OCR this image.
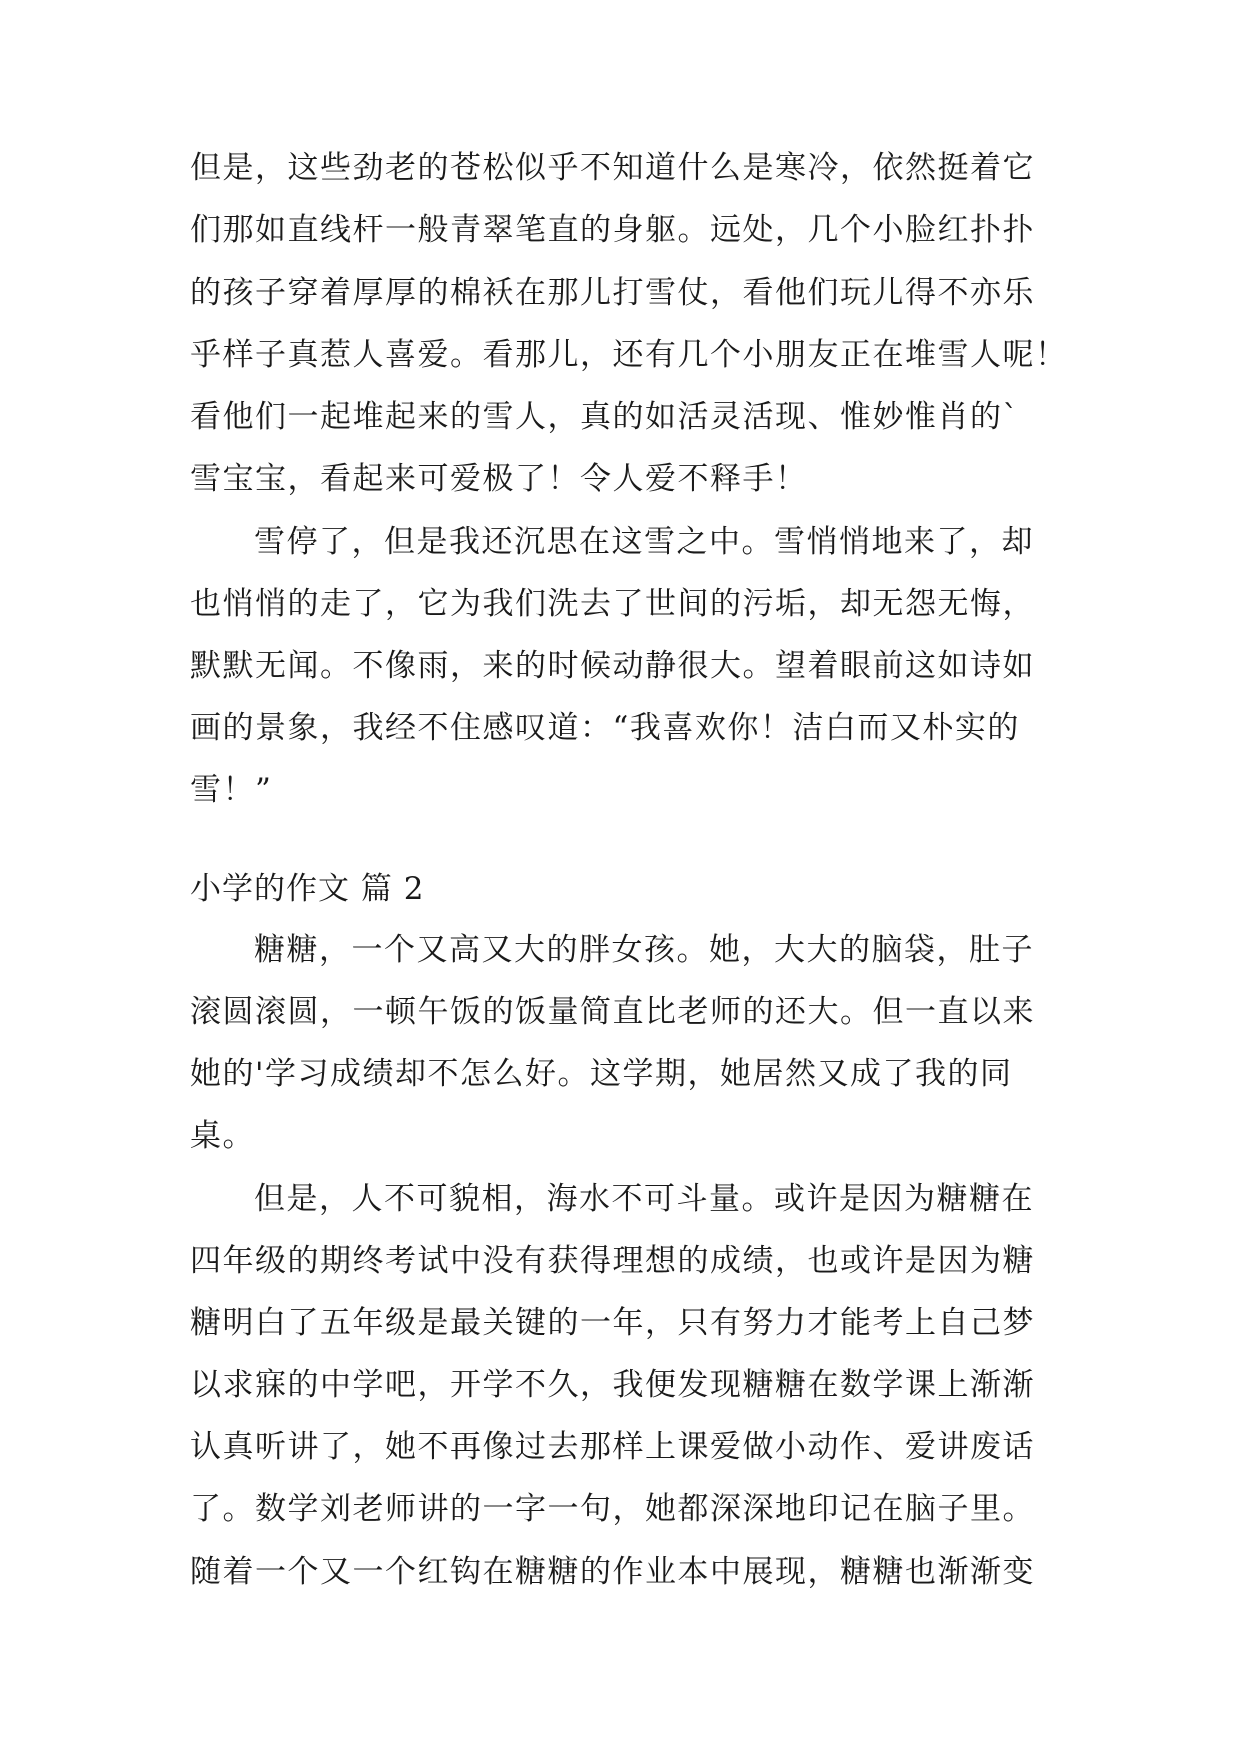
但是，这些劲老的苍松似乎不知道什么是寒冷，依然挺着它
们那如直线杆一般青翠笔直的身躯。远处，几个小脸红扑扑
的孩子穿着厚厚的棉袄在那儿打雪仗，看他们玩儿得不亦乐
乎样子真惹人喜爱。看那儿，还有几个小朋友正在堆雪人呢！
看他们一起堆起来的雪人，真的如活灵活现、惟妙惟肖的`
雪宝宝，看起来可爱极了！令人爱不释手！
雪停了，但是我还沉思在这雪之中。雪悄悄地来了，却
也悄悄的走了，它为我们洗去了世间的污垢，却无怨无悔，
默默无闻。不像雨，来的时候动静很大。望着眼前这如诗如
画的景象，我经不住感叹道：“我喜欢你！洁白而又朴实的
雪！”
小学的作文 篇 2
糖糖，一个又高又大的胖女孩。她，大大的脑袋，肚子
滚圆滚圆，一顿午饭的饭量简直比老师的还大。但一直以来
她的'学习成绩却不怎么好。这学期，她居然又成了我的同
桌。
但是，人不可貌相，海水不可斗量。或许是因为糖糖在
四年级的期终考试中没有获得理想的成绩，也或许是因为糖
糖明白了五年级是最关键的一年，只有努力才能考上自己梦
以求寐的中学吧，开学不久，我便发现糖糖在数学课上渐渐
认真听讲了，她不再像过去那样上课爱做小动作、爱讲废话
了。数学刘老师讲的一字一句，她都深深地印记在脑子里。
随着一个又一个红钩在糖糖的作业本中展现，糖糖也渐渐变
